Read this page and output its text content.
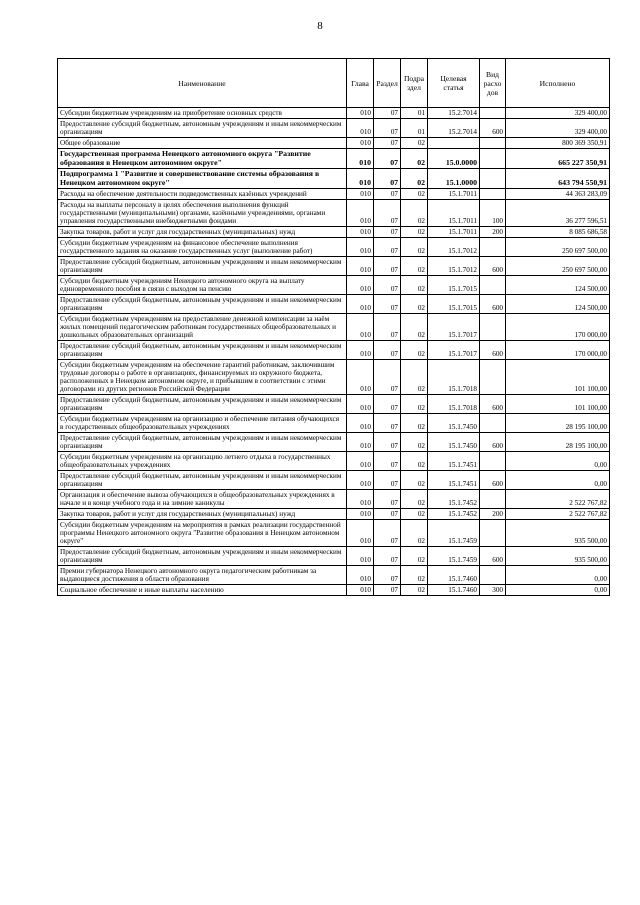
8
Наименование	Глава	Раздел	Подра здел	Целевая статья	Вид расхо дов	Исполнено
Субсидии бюджетным учреждениям на приобретение основных средств	010	07	01	15.2.7014		329 400,00
Предоставление субсидий бюджетным, автономным учреждениям и иным некоммерческим организациям	010	07	01	15.2.7014	600	329 400,00
Общее образование	010	07	02			800 369 350,91
Государственная программа Ненецкого автономного округа "Развитие образования в Ненецком автономном округе"	010	07	02	15.0.0000		665 227 350,91
Подпрограмма 1 "Развитие и совершенствование системы образования в Ненецком автономном округе"	010	07	02	15.1.0000		643 794 550,91
Расходы на обеспечение деятельности подведомственных казённых учреждений	010	07	02	15.1.7011		44 363 283,09
Расходы на выплаты персоналу в целях обеспечения выполнения функций государственными (муниципальными) органами, казёнными учреждениями, органами управления государственными внебюджетными фондами	010	07	02	15.1.7011	100	36 277 596,51
Закупка товаров, работ и услуг для государственных (муниципальных) нужд	010	07	02	15.1.7011	200	8 085 686,58
Субсидии бюджетным учреждениям на финансовое обеспечение выполнения государственного задания на оказание государственных услуг (выполнение работ)	010	07	02	15.1.7012		250 697 500,00
Предоставление субсидий бюджетным, автономным учреждениям и иным некоммерческим организациям	010	07	02	15.1.7012	600	250 697 500,00
Субсидии бюджетным учреждениям Ненецкого автономного округа на выплату единовременного пособия в связи с выходом на пенсию	010	07	02	15.1.7015		124 500,00
Предоставление субсидий бюджетным, автономным учреждениям и иным некоммерческим организациям	010	07	02	15.1.7015	600	124 500,00
Субсидии бюджетным учреждениям на предоставление денежной компенсации за наём жилых помещений педагогическим работникам государственных общеобразовательных и дошкольных образовательных организаций	010	07	02	15.1.7017		170 000,00
Предоставление субсидий бюджетным, автономным учреждениям и иным некоммерческим организациям	010	07	02	15.1.7017	600	170 000,00
Субсидии бюджетным учреждениям на обеспечение гарантий работникам, заключившим трудовые договоры о работе в организациях, финансируемых из окружного бюджета, расположенных в Ненецком автономном округе, и прибывшим в соответствии с этими договорами из других регионов Российской Федерации	010	07	02	15.1.7018		101 100,00
Предоставление субсидий бюджетным, автономным учреждениям и иным некоммерческим организациям	010	07	02	15.1.7018	600	101 100,00
Субсидии бюджетным учреждениям на организацию и обеспечение питания обучающихся в государственных общеобразовательных учреждениях	010	07	02	15.1.7450		28 195 100,00
Предоставление субсидий бюджетным, автономным учреждениям и иным некоммерческим организациям	010	07	02	15.1.7450	600	28 195 100,00
Субсидии бюджетным учреждениям на организацию летнего отдыха в государственных общеобразовательных учреждениях	010	07	02	15.1.7451		0,00
Предоставление субсидий бюджетным, автономным учреждениям и иным некоммерческим организациям	010	07	02	15.1.7451	600	0,00
Организация и обеспечение вывоза обучающихся в общеобразовательных учреждениях в начале и в конце учебного года и на зимние каникулы	010	07	02	15.1.7452		2 522 767,82
Закупка товаров, работ и услуг для государственных (муниципальных) нужд	010	07	02	15.1.7452	200	2 522 767,82
Субсидии бюджетным учреждениям на мероприятия в рамках реализации государственной программы Ненецкого автономного округа "Развитие образования в Ненецком автономном округе"	010	07	02	15.1.7459		935 500,00
Предоставление субсидий бюджетным, автономным учреждениям и иным некоммерческим организациям	010	07	02	15.1.7459	600	935 500,00
Премии губернатора Ненецкого автономного округа педагогическим работникам за выдающиеся достижения в области образования	010	07	02	15.1.7460		0,00
Социальное обеспечение и иные выплаты населению	010	07	02	15.1.7460	300	0,00
